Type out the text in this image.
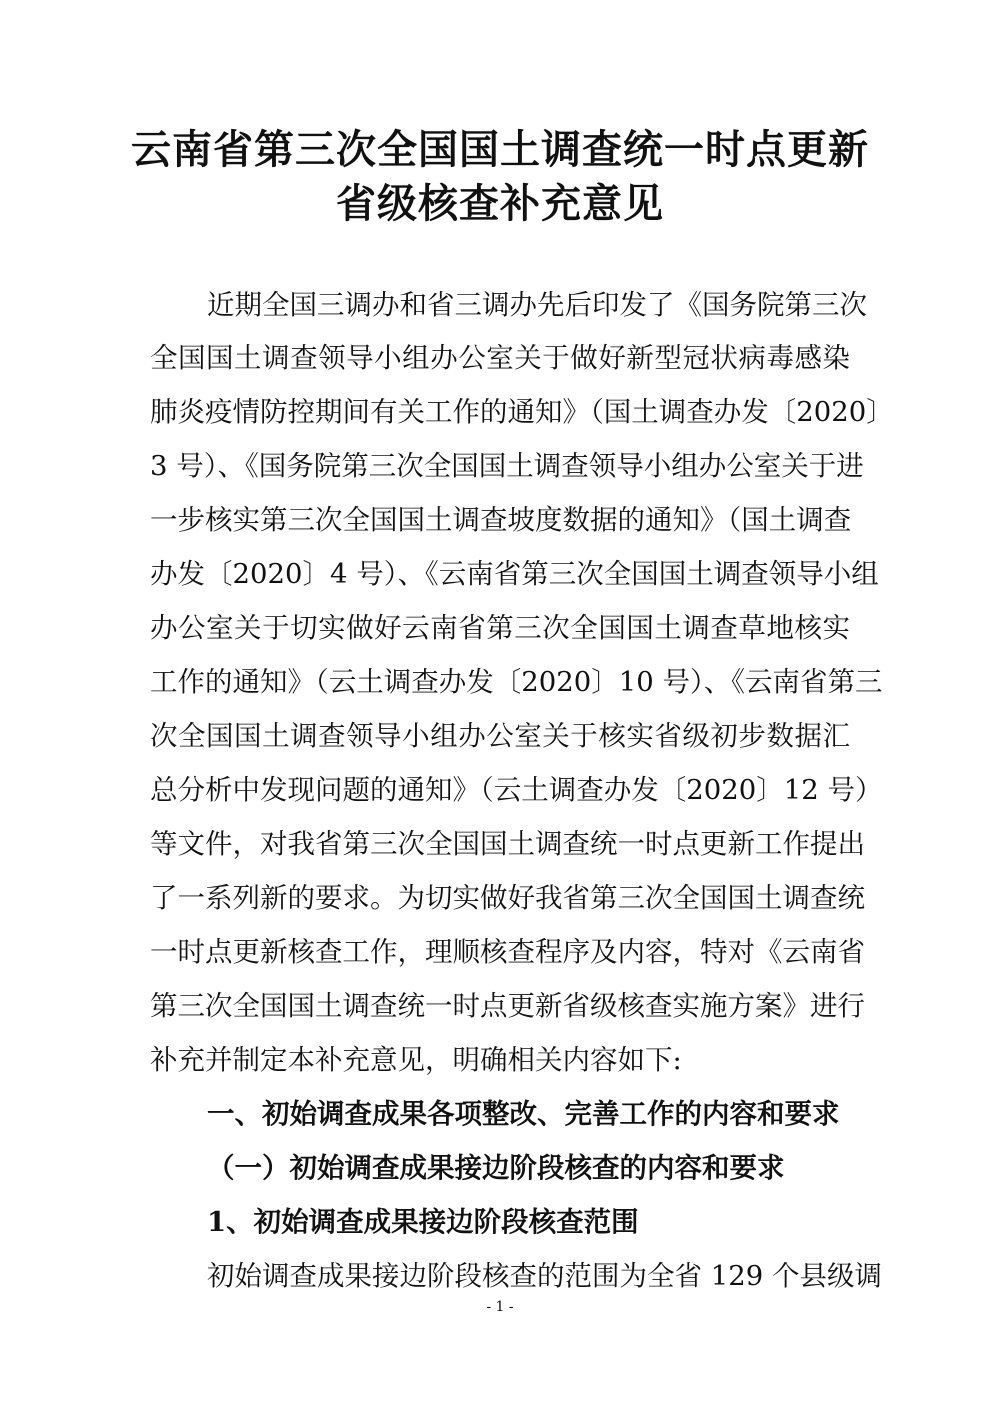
云南省第三次全国国土调查统一时点更新
省级核查补充意见
近期全国三调办和省三调办先后印发了《国务院第三次
全国国土调查领导小组办公室关于做好新型冠状病毒感染
肺炎疫情防控期间有关工作的通知》（国土调查办发〔2020〕
3 号）、《国务院第三次全国国土调查领导小组办公室关于进
一步核实第三次全国国土调查坡度数据的通知》（国土调查
办发〔2020〕4 号）、《云南省第三次全国国土调查领导小组
办公室关于切实做好云南省第三次全国国土调查草地核实
工作的通知》（云土调查办发〔2020〕10 号）、《云南省第三
次全国国土调查领导小组办公室关于核实省级初步数据汇
总分析中发现问题的通知》（云土调查办发〔2020〕12 号）
等文件，对我省第三次全国国土调查统一时点更新工作提出
了一系列新的要求。为切实做好我省第三次全国国土调查统
一时点更新核查工作，理顺核查程序及内容，特对《云南省
第三次全国国土调查统一时点更新省级核查实施方案》进行
补充并制定本补充意见，明确相关内容如下:
一、初始调查成果各项整改、完善工作的内容和要求
（一）初始调查成果接边阶段核查的内容和要求
1、初始调查成果接边阶段核查范围
初始调查成果接边阶段核查的范围为全省 129 个县级调
- 1 -
